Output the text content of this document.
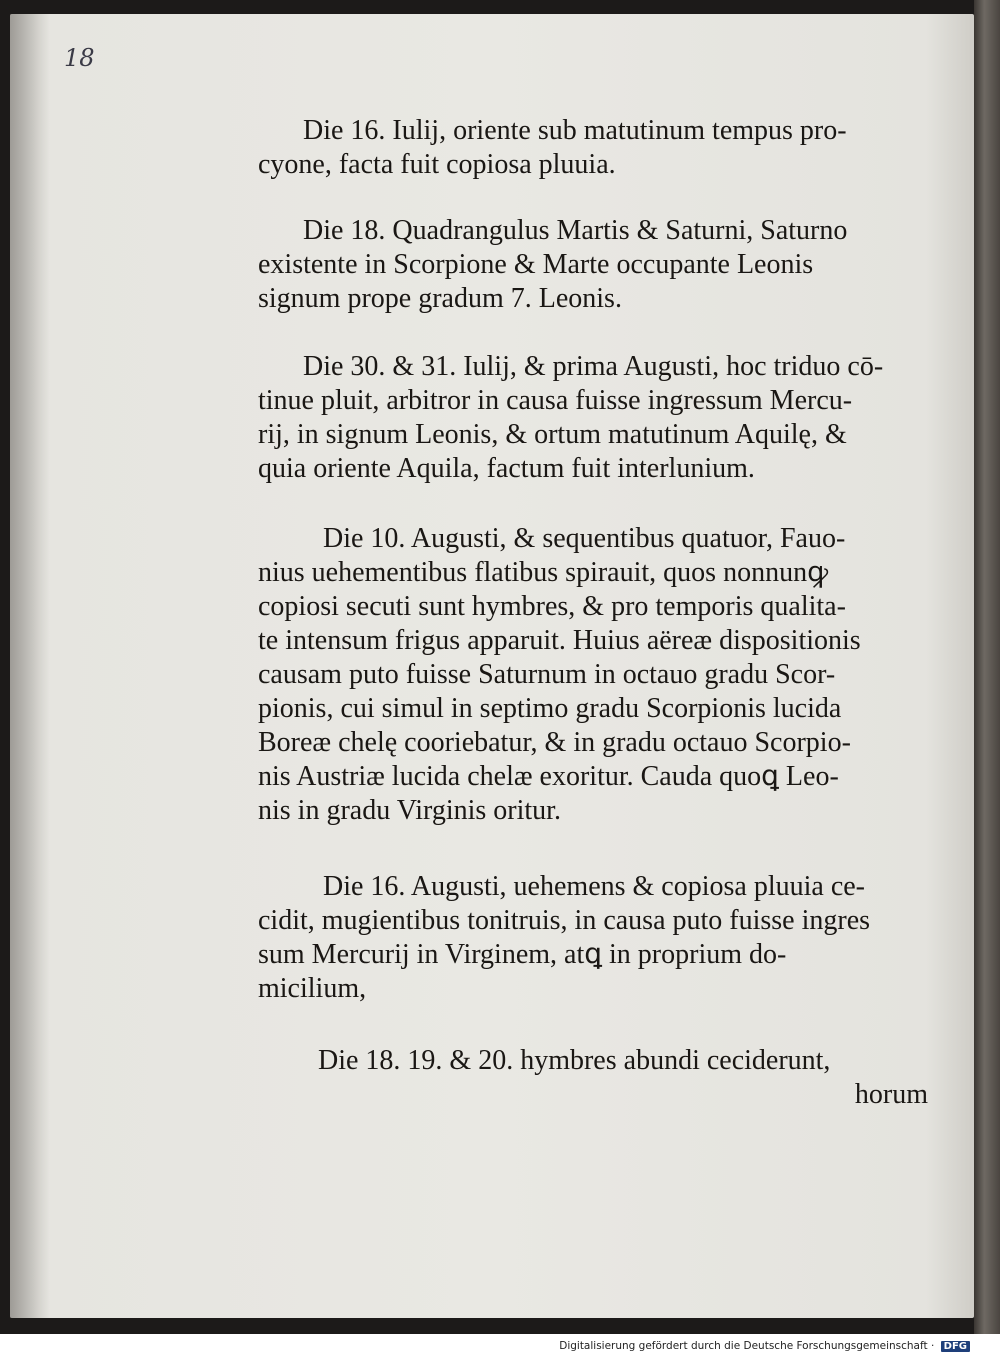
18
Die 16. Iulij, oriente sub matutinum tempus pro-
cyone, facta fuit copiosa pluuia.
Die 18. Quadrangulus Martis & Saturni, Saturno
existente in Scorpione & Marte occupante Leonis
signum prope gradum 7. Leonis.
Die 30. & 31. Iulij, & prima Augusti, hoc triduo cō-
tinue pluit, arbitror in causa fuisse ingressum Mercu-
rij, in signum Leonis, & ortum matutinum Aquilę, &
quia oriente Aquila, factum fuit interlunium.
Die 10. Augusti, & sequentibus quatuor, Fauo-
nius uehementibus flatibus spirauit, quos nonnunꝙ
copiosi secuti sunt hymbres, & pro temporis qualita-
te intensum frigus apparuit. Huius aëreæ dispositionis
causam puto fuisse Saturnum in octauo gradu Scor-
pionis, cui simul in septimo gradu Scorpionis lucida
Boreæ chelę cooriebatur, & in gradu octauo Scorpio-
nis Austriæ lucida chelæ exoritur. Cauda quoꝗ Leo-
nis in gradu Virginis oritur.
Die 16. Augusti, uehemens & copiosa pluuia ce-
cidit, mugientibus tonitruis, in causa puto fuisse ingres
sum Mercurij in Virginem, atꝗ in proprium do-
micilium,
Die 18. 19. & 20. hymbres abundi ceciderunt,
horum
Digitalisierung gefördert durch die Deutsche Forschungsgemeinschaft · DFG
